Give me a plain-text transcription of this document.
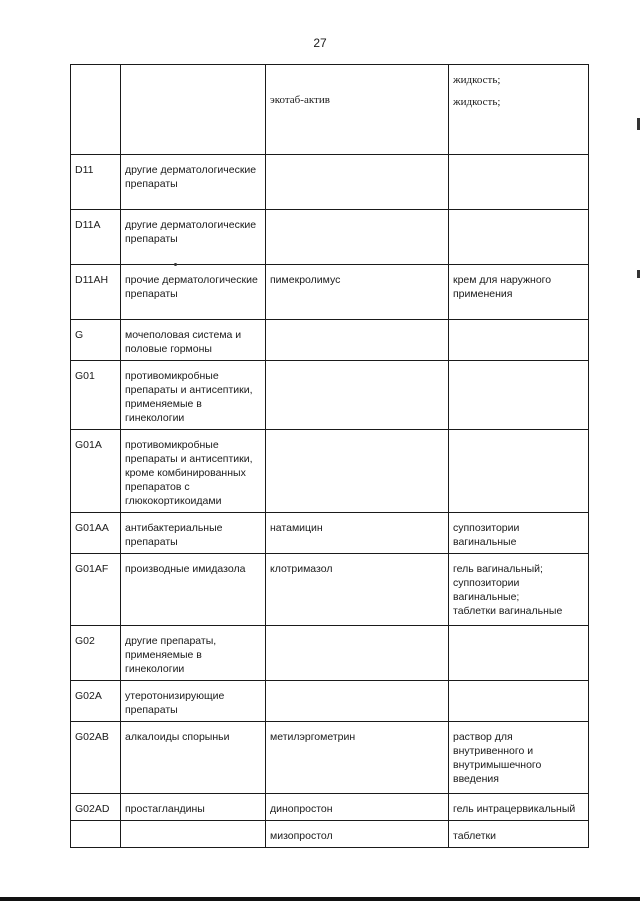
27

		экотаб-актив	жидкость;
жидкость;

D11	другие дерматологические препараты		
D11A	другие дерматологические препараты		
D11AH	прочие дерматологические препараты	пимекролимус	крем для наружного применения
G	мочеполовая система и половые гормоны		
G01	противомикробные препараты и антисептики, применяемые в гинекологии		
G01A	противомикробные препараты и антисептики, кроме комбинированных препаратов с глюкокортикоидами		
G01AA	антибактериальные препараты	натамицин	суппозитории вагинальные
G01AF	производные имидазола	клотримазол	гель вагинальный;
суппозитории вагинальные;
таблетки вагинальные

G02	другие препараты, применяемые в гинекологии		
G02A	утеротонизирующие препараты		
G02AB	алкалоиды спорыньи	метилэргометрин	раствор для внутривенного и внутримышечного введения
G02AD	простагландины	динопростон	гель интрацервикальный
		мизопростол	таблетки
